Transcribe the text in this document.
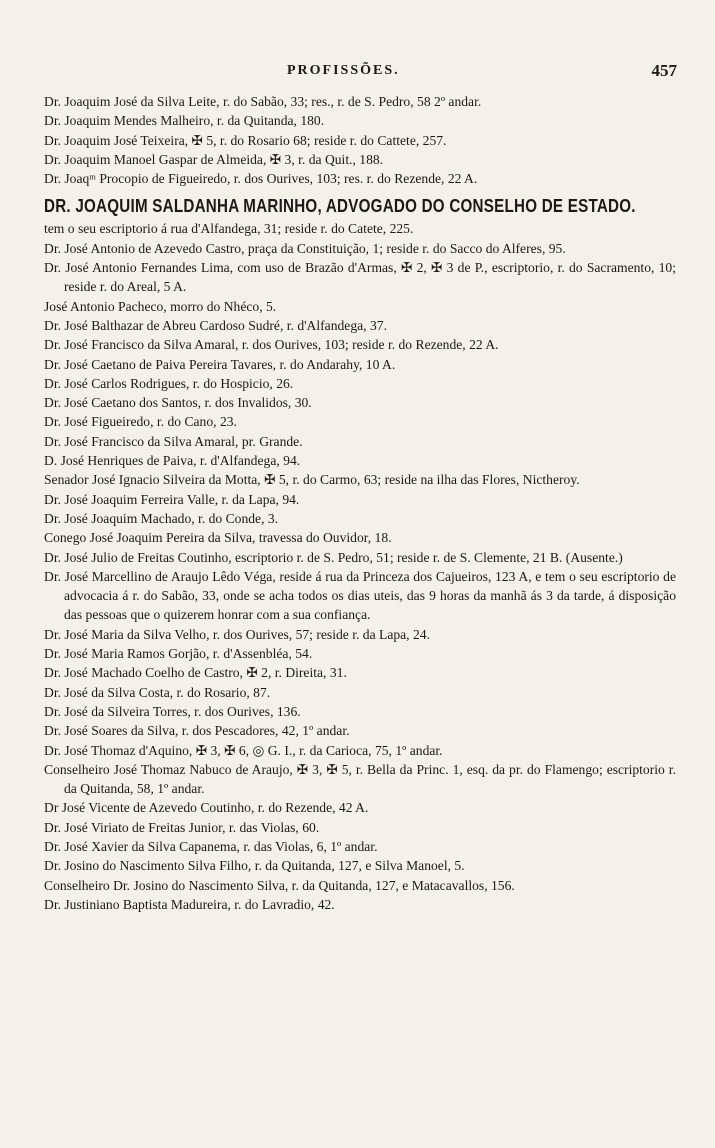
PROFISSÕES.	457

Dr. Joaquim José da Silva Leite, r. do Sabão, 33; res., r. de S. Pedro, 58 2º andar.

Dr. Joaquim Mendes Malheiro, r. da Quitanda, 180.

Dr. Joaquim José Teixeira, ✠ 5, r. do Rosario 68; reside r. do Cattete, 257.

Dr. Joaquim Manoel Gaspar de Almeida, ✠ 3, r. da Quit., 188.

Dr. Joaqᵐ Procopio de Figueiredo, r. dos Ourives, 103; res. r. do Rezende, 22 A.

DR. JOAQUIM SALDANHA MARINHO, ADVOGADO DO CONSELHO DE ESTADO.

tem o seu escriptorio á rua d'Alfandega, 31; reside r. do Catete, 225.

Dr. José Antonio de Azevedo Castro, praça da Constituição, 1; reside r. do Sacco do Alferes, 95.

Dr. José Antonio Fernandes Lima, com uso de Brazão d'Armas, ✠ 2, ✠ 3 de P., escriptorio, r. do Sacramento, 10; reside r. do Areal, 5 A.

José Antonio Pacheco, morro do Nhéco, 5.

Dr. José Balthazar de Abreu Cardoso Sudré, r. d'Alfandega, 37.

Dr. José Francisco da Silva Amaral, r. dos Ourives, 103; reside r. do Rezende, 22 A.

Dr. José Caetano de Paiva Pereira Tavares, r. do Andarahy, 10 A.

Dr. José Carlos Rodrigues, r. do Hospicio, 26.

Dr. José Caetano dos Santos, r. dos Invalidos, 30.

Dr. José Figueiredo, r. do Cano, 23.

Dr. José Francisco da Silva Amaral, pr. Grande.

D. José Henriques de Paiva, r. d'Alfandega, 94.

Senador José Ignacio Silveira da Motta, ✠ 5, r. do Carmo, 63; reside na ilha das Flores, Nictheroy.

Dr. José Joaquim Ferreira Valle, r. da Lapa, 94.

Dr. José Joaquim Machado, r. do Conde, 3.

Conego José Joaquim Pereira da Silva, travessa do Ouvidor, 18.

Dr. José Julio de Freitas Coutinho, escriptorio r. de S. Pedro, 51; reside r. de S. Clemente, 21 B. (Ausente.)

Dr. José Marcellino de Araujo Lêdo Véga, reside á rua da Princeza dos Cajueiros, 123 A, e tem o seu escriptorio de advocacia á r. do Sabão, 33, onde se acha todos os dias uteis, das 9 horas da manhã ás 3 da tarde, á disposição das pessoas que o quizerem honrar com a sua confiança.

Dr. José Maria da Silva Velho, r. dos Ourives, 57; reside r. da Lapa, 24.

Dr. José Maria Ramos Gorjão, r. d'Assenbléa, 54.

Dr. José Machado Coelho de Castro, ✠ 2, r. Direita, 31.

Dr. José da Silva Costa, r. do Rosario, 87.

Dr. José da Silveira Torres, r. dos Ourives, 136.

Dr. José Soares da Silva, r. dos Pescadores, 42, 1º andar.

Dr. José Thomaz d'Aquino, ✠ 3, ✠ 6, ◎ G. I., r. da Carioca, 75, 1º andar.

Conselheiro José Thomaz Nabuco de Araujo, ✠ 3, ✠ 5, r. Bella da Princ. 1, esq. da pr. do Flamengo; escriptorio r. da Quitanda, 58, 1º andar.

Dr José Vicente de Azevedo Coutinho, r. do Rezende, 42 A.

Dr. José Viriato de Freitas Junior, r. das Violas, 60.

Dr. José Xavier da Silva Capanema, r. das Violas, 6, 1º andar.

Dr. Josino do Nascimento Silva Filho, r. da Quitanda, 127, e Silva Manoel, 5.

Conselheiro Dr. Josino do Nascimento Silva, r. da Quitanda, 127, e Matacavallos, 156.

Dr. Justiniano Baptista Madureira, r. do Lavradio, 42.
